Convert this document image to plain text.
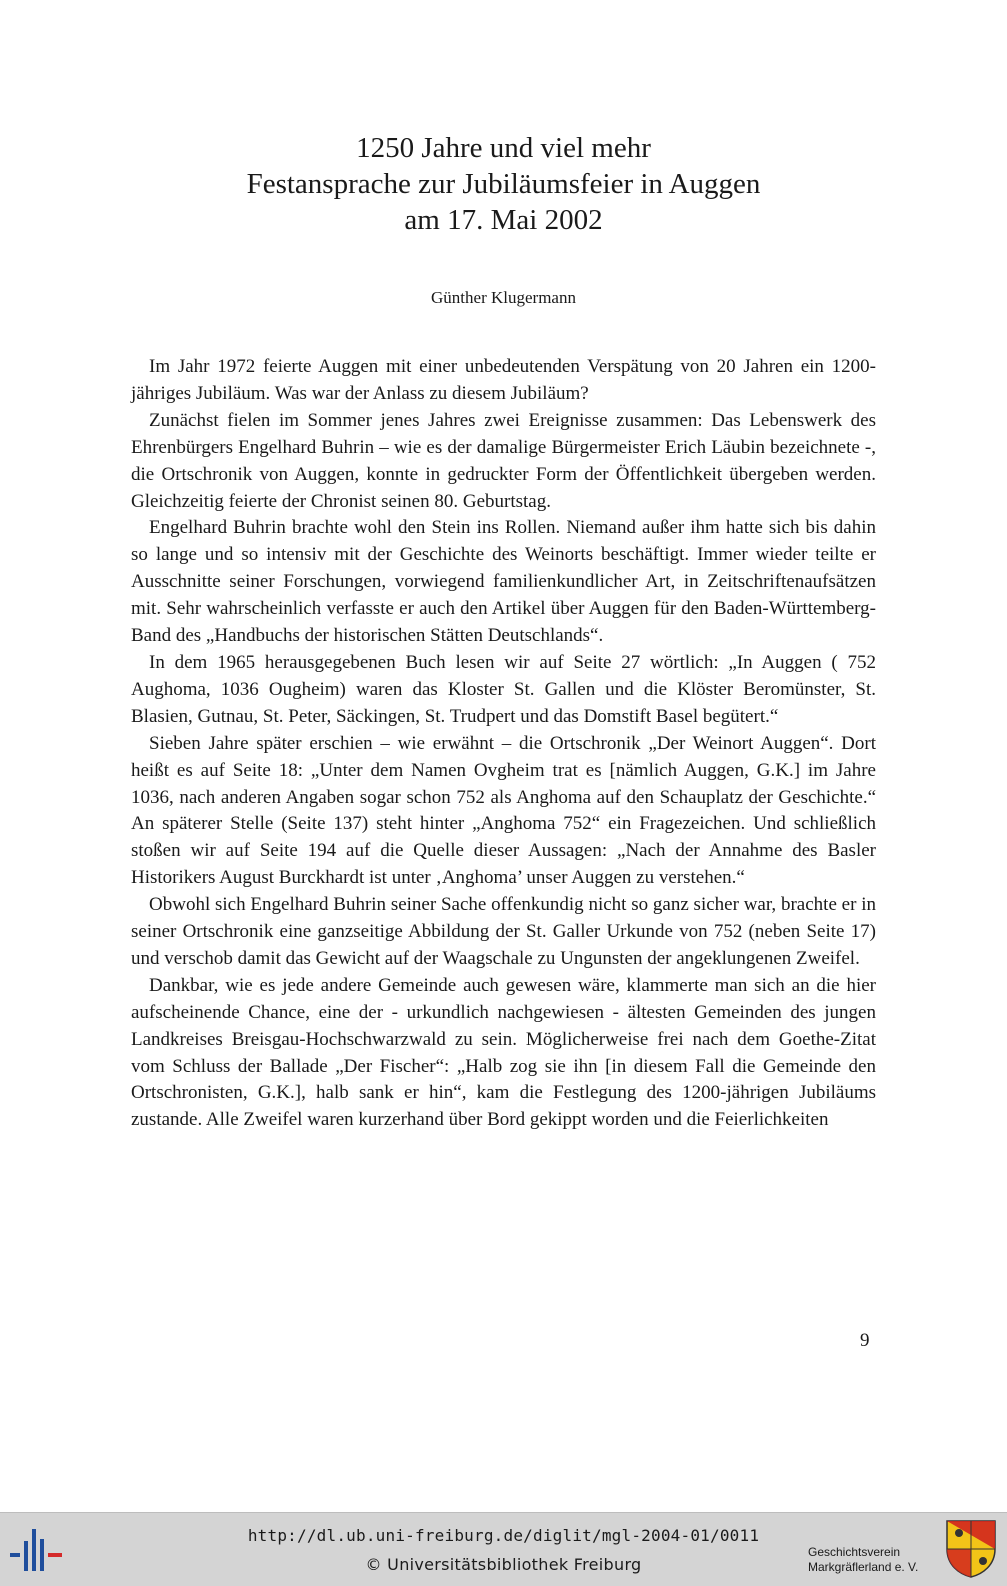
1250 Jahre und viel mehr
Festansprache zur Jubiläumsfeier in Auggen
am 17. Mai 2002
Günther Klugermann

Im Jahr 1972 feierte Auggen mit einer unbedeutenden Verspätung von 20 Jahren ein 1200-jähriges Jubiläum. Was war der Anlass zu diesem Jubiläum?

Zunächst fielen im Sommer jenes Jahres zwei Ereignisse zusammen: Das Lebenswerk des Ehrenbürgers Engelhard Buhrin – wie es der damalige Bürgermeister Erich Läubin bezeichnete -, die Ortschronik von Auggen, konnte in gedruckter Form der Öffentlichkeit übergeben werden. Gleichzeitig feierte der Chronist seinen 80. Geburtstag.

Engelhard Buhrin brachte wohl den Stein ins Rollen. Niemand außer ihm hatte sich bis dahin so lange und so intensiv mit der Geschichte des Weinorts beschäftigt. Immer wieder teilte er Ausschnitte seiner Forschungen, vorwiegend familienkundlicher Art, in Zeitschriftenaufsätzen mit. Sehr wahrscheinlich verfasste er auch den Artikel über Auggen für den Baden-Württemberg-Band des „Handbuchs der historischen Stätten Deutschlands“.

In dem 1965 herausgegebenen Buch lesen wir auf Seite 27 wörtlich: „In Auggen ( 752 Aughoma, 1036 Ougheim) waren das Kloster St. Gallen und die Klöster Beromünster, St. Blasien, Gutnau, St. Peter, Säckingen, St. Trudpert und das Domstift Basel begütert.“

Sieben Jahre später erschien – wie erwähnt – die Ortschronik „Der Weinort Auggen“. Dort heißt es auf Seite 18: „Unter dem Namen Ovgheim trat es [nämlich Auggen, G.K.] im Jahre 1036, nach anderen Angaben sogar schon 752 als Anghoma auf den Schauplatz der Geschichte.“ An späterer Stelle (Seite 137) steht hinter „Anghoma 752“ ein Fragezeichen. Und schließlich stoßen wir auf Seite 194 auf die Quelle dieser Aussagen: „Nach der Annahme des Basler Historikers August Burckhardt ist unter ‚Anghoma’ unser Auggen zu verstehen.“

Obwohl sich Engelhard Buhrin seiner Sache offenkundig nicht so ganz sicher war, brachte er in seiner Ortschronik eine ganzseitige Abbildung der St. Galler Urkunde von 752 (neben Seite 17) und verschob damit das Gewicht auf der Waagschale zu Ungunsten der angeklungenen Zweifel.

Dankbar, wie es jede andere Gemeinde auch gewesen wäre, klammerte man sich an die hier aufscheinende Chance, eine der - urkundlich nachgewiesen - ältesten Gemeinden des jungen Landkreises Breisgau-Hochschwarzwald zu sein. Möglicherweise frei nach dem Goethe-Zitat vom Schluss der Ballade „Der Fischer“: „Halb zog sie ihn [in diesem Fall die Gemeinde den Ortschronisten, G.K.], halb sank er hin“, kam die Festlegung des 1200-jährigen Jubiläums zustande. Alle Zweifel waren kurzerhand über Bord gekippt worden und die Feierlichkeiten

9
http://dl.ub.uni-freiburg.de/diglit/mgl-2004-01/0011
© Universitätsbibliothek Freiburg
Geschichtsverein
Markgräflerland e. V.
